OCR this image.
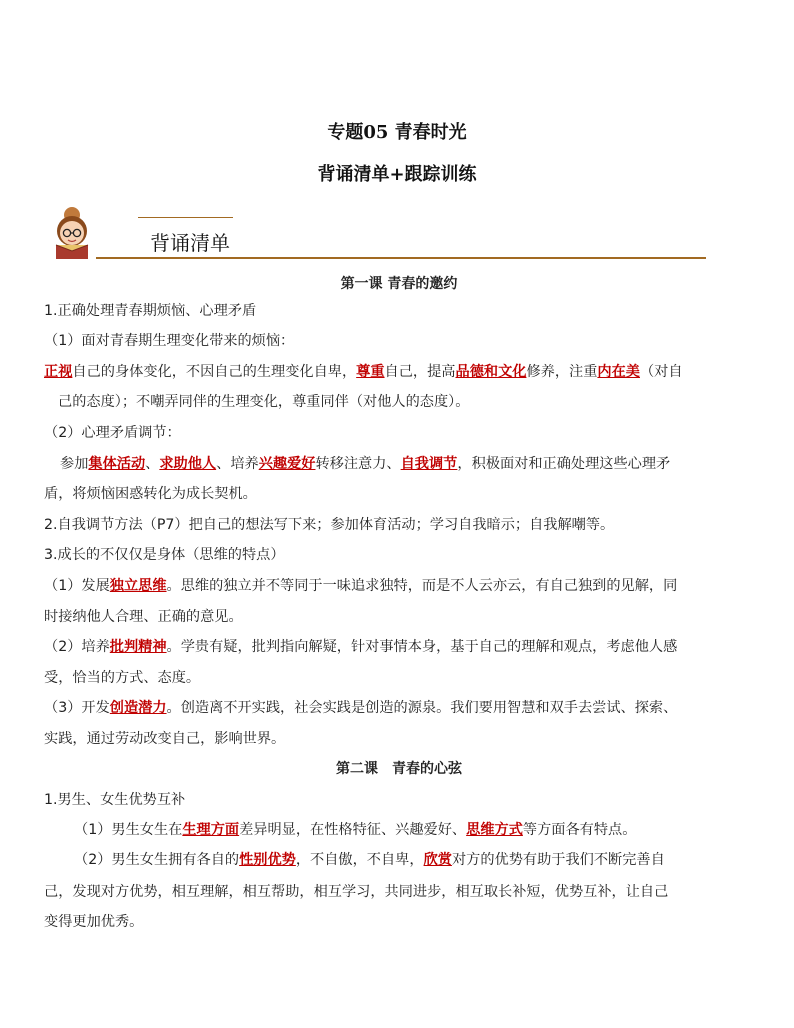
专题05 青春时光
背诵清单+跟踪训练
背诵清单
第一课 青春的邀约
1.正确处理青春期烦恼、心理矛盾
（1）面对青春期生理变化带来的烦恼：
正视自己的身体变化，不因自己的生理变化自卑，尊重自己，提高品德和文化修养，注重内在美（对自
己的态度）；不嘲弄同伴的生理变化，尊重同伴（对他人的态度）。
（2）心理矛盾调节：
参加集体活动、求助他人、培养兴趣爱好转移注意力、自我调节，积极面对和正确处理这些心理矛
盾，将烦恼困惑转化为成长契机。
2.自我调节方法（P7）把自己的想法写下来；参加体育活动；学习自我暗示；自我解嘲等。
3.成长的不仅仅是身体（思维的特点）
（1）发展独立思维。思维的独立并不等同于一味追求独特，而是不人云亦云，有自己独到的见解，同
时接纳他人合理、正确的意见。
（2）培养批判精神。学贵有疑，批判指向解疑，针对事情本身，基于自己的理解和观点，考虑他人感
受，恰当的方式、态度。
（3）开发创造潜力。创造离不开实践，社会实践是创造的源泉。我们要用智慧和双手去尝试、探索、
实践，通过劳动改变自己，影响世界。
第二课　青春的心弦
1.男生、女生优势互补
（1）男生女生在生理方面差异明显，在性格特征、兴趣爱好、思维方式等方面各有特点。
（2）男生女生拥有各自的性别优势，不自傲，不自卑，欣赏对方的优势有助于我们不断完善自
己，发现对方优势，相互理解，相互帮助，相互学习，共同进步，相互取长补短，优势互补，让自己
变得更加优秀。
